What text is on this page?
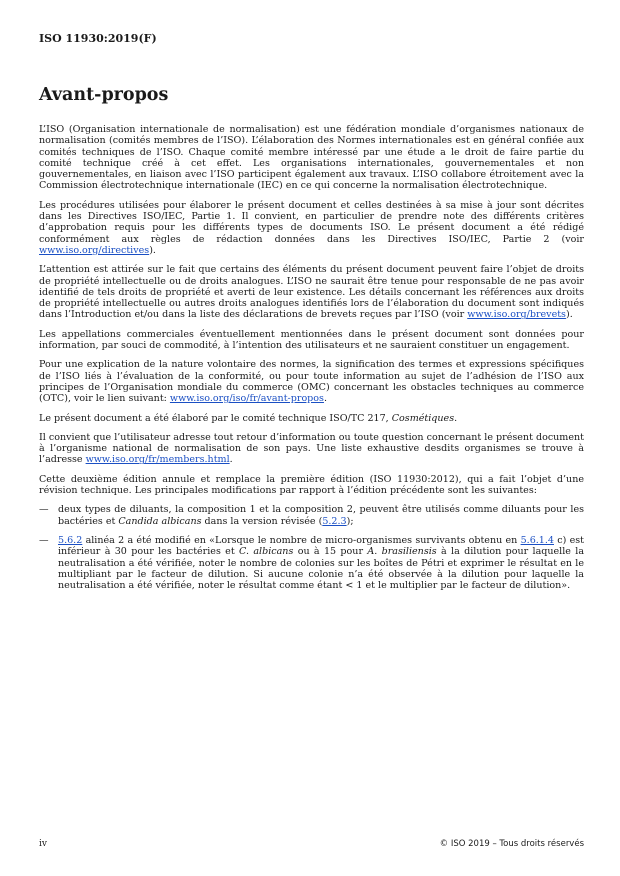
ISO 11930:2019(F)
Avant-propos

L’ISO (Organisation internationale de normalisation) est une fédération mondiale d’organismes nationaux de normalisation (comités membres de l’ISO). L’élaboration des Normes internationales est en général confiée aux comités techniques de l’ISO. Chaque comité membre intéressé par une étude a le droit de faire partie du comité technique créé à cet effet. Les organisations internationales, gouvernementales et non gouvernementales, en liaison avec l’ISO participent également aux travaux. L’ISO collabore étroitement avec la Commission électrotechnique internationale (IEC) en ce qui concerne la normalisation électrotechnique.

Les procédures utilisées pour élaborer le présent document et celles destinées à sa mise à jour sont décrites dans les Directives ISO/IEC, Partie 1. Il convient, en particulier de prendre note des différents critères d’approbation requis pour les différents types de documents ISO. Le présent document a été rédigé conformément aux règles de rédaction données dans les Directives ISO/IEC, Partie 2 (voir www.iso.org/directives).

L’attention est attirée sur le fait que certains des éléments du présent document peuvent faire l’objet de droits de propriété intellectuelle ou de droits analogues. L’ISO ne saurait être tenue pour responsable de ne pas avoir identifié de tels droits de propriété et averti de leur existence. Les détails concernant les références aux droits de propriété intellectuelle ou autres droits analogues identifiés lors de l’élaboration du document sont indiqués dans l’Introduction et/ou dans la liste des déclarations de brevets reçues par l’ISO (voir www.iso.org/brevets).

Les appellations commerciales éventuellement mentionnées dans le présent document sont données pour information, par souci de commodité, à l’intention des utilisateurs et ne sauraient constituer un engagement.

Pour une explication de la nature volontaire des normes, la signification des termes et expressions spécifiques de l’ISO liés à l’évaluation de la conformité, ou pour toute information au sujet de l’adhésion de l’ISO aux principes de l’Organisation mondiale du commerce (OMC) concernant les obstacles techniques au commerce (OTC), voir le lien suivant: www.iso.org/iso/fr/avant-propos.

Le présent document a été élaboré par le comité technique ISO/TC 217, Cosmétiques.

Il convient que l’utilisateur adresse tout retour d’information ou toute question concernant le présent document à l’organisme national de normalisation de son pays. Une liste exhaustive desdits organismes se trouve à l’adresse www.iso.org/fr/members.html.

Cette deuxième édition annule et remplace la première édition (ISO 11930:2012), qui a fait l’objet d’une révision technique. Les principales modifications par rapport à l’édition précédente sont les suivantes:

— deux types de diluants, la composition 1 et la composition 2, peuvent être utilisés comme diluants pour les bactéries et Candida albicans dans la version révisée (5.2.3);
— 5.6.2 alinéa 2 a été modifié en «Lorsque le nombre de micro-organismes survivants obtenu en 5.6.1.4 c) est inférieur à 30 pour les bactéries et C. albicans ou à 15 pour A. brasiliensis à la dilution pour laquelle la neutralisation a été vérifiée, noter le nombre de colonies sur les boîtes de Pétri et exprimer le résultat en le multipliant par le facteur de dilution. Si aucune colonie n’a été observée à la dilution pour laquelle la neutralisation a été vérifiée, noter le résultat comme étant < 1 et le multiplier par le facteur de dilution».
iv	© ISO 2019 – Tous droits réservés
